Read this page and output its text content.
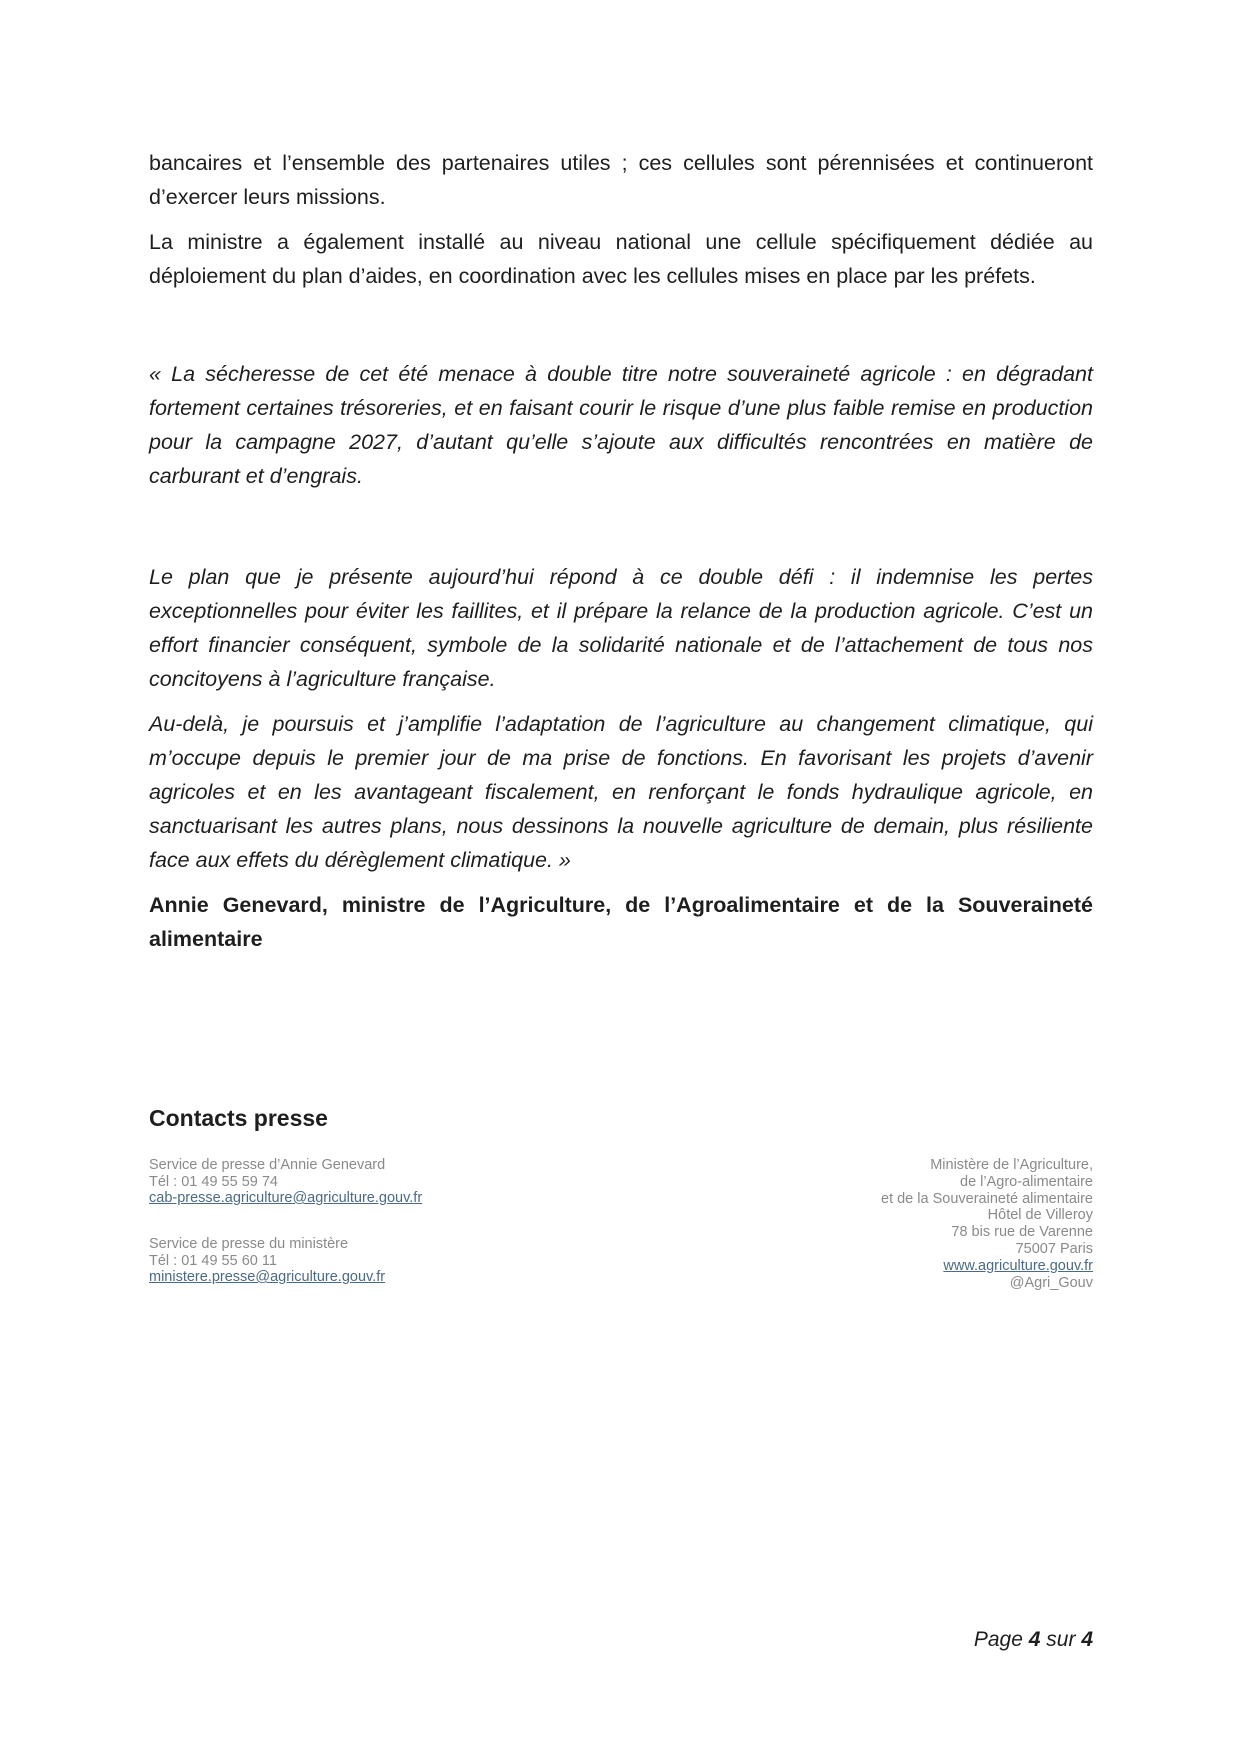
bancaires et l’ensemble des partenaires utiles ; ces cellules sont pérennisées et continueront d’exercer leurs missions.

La ministre a également installé au niveau national une cellule spécifiquement dédiée au déploiement du plan d’aides, en coordination avec les cellules mises en place par les préfets.

« La sécheresse de cet été menace à double titre notre souveraineté agricole : en dégradant fortement certaines trésoreries, et en faisant courir le risque d’une plus faible remise en production pour la campagne 2027, d’autant qu’elle s’ajoute aux difficultés rencontrées en matière de carburant et d’engrais.

Le plan que je présente aujourd’hui répond à ce double défi : il indemnise les pertes exceptionnelles pour éviter les faillites, et il prépare la relance de la production agricole. C’est un effort financier conséquent, symbole de la solidarité nationale et de l’attachement de tous nos concitoyens à l’agriculture française.

Au-delà, je poursuis et j’amplifie l’adaptation de l’agriculture au changement climatique, qui m’occupe depuis le premier jour de ma prise de fonctions. En favorisant les projets d’avenir agricoles et en les avantageant fiscalement, en renforçant le fonds hydraulique agricole, en sanctuarisant les autres plans, nous dessinons la nouvelle agriculture de demain, plus résiliente face aux effets du dérèglement climatique. »

Annie Genevard, ministre de l’Agriculture, de l’Agroalimentaire et de la Souveraineté alimentaire

Contacts presse
Service de presse d’Annie Genevard
Tél : 01 49 55 59 74
cab-presse.agriculture@agriculture.gouv.fr
Service de presse du ministère
Tél : 01 49 55 60 11
ministere.presse@agriculture.gouv.fr
Ministère de l’Agriculture,
de l’Agro-alimentaire
et de la Souveraineté alimentaire
Hôtel de Villeroy
78 bis rue de Varenne
75007 Paris
www.agriculture.gouv.fr
@Agri_Gouv
Page 4 sur 4
